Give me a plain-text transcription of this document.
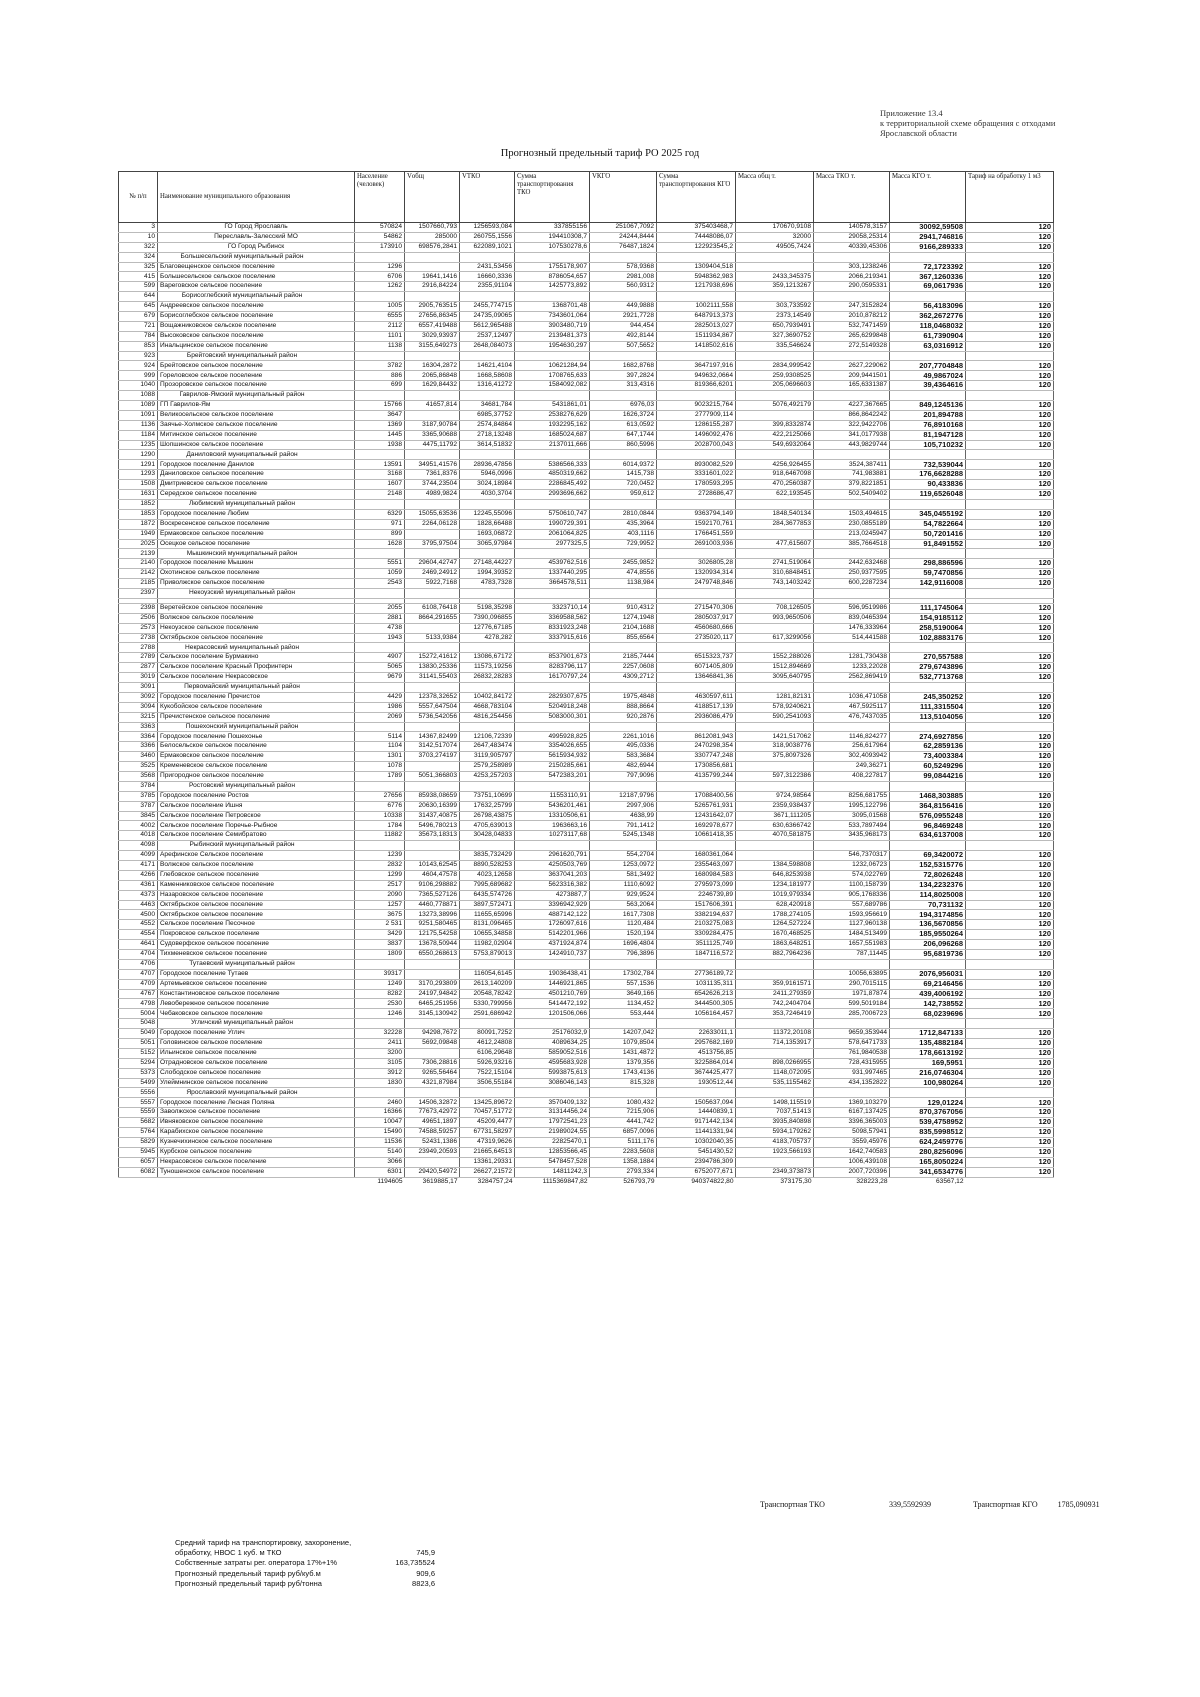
Приложение 13.4
к территориальной схеме обращения с отходами
Ярославской области
Прогнозный предельный тариф РО 2025 год
№ п/п	Наименование муниципального образования	Население (человек)	Vобщ	VТКО	Сумма транспортирования ТКО	VКГО	Сумма транспортирования КГО	Масса общ т.	Масса ТКО т.	Масса КГО т.	Тариф на обработку 1 м3
3	ГО Город Ярославль	570824	1507660,793	1256593,084	337855156	251067,7092	375403468,7	170670,9108	140578,3157	30092,59508	120
10	Переславль-Залесский МО	54862	285000	260755,1556	194410308,7	24244,8444	74448086,07	32000	29058,25314	2941,746816	120
322	ГО Город Рыбинск	173910	698576,2841	622089,1021	107530278,6	76487,1824	122923545,2	49505,7424	40339,45306	9166,289333	120
324	Большесельский муниципальный район										
325	Благовещенское сельское поселение	1296		2431,53456	1755178,907	578,9368	1309404,518		303,1238246	72,1723392	120
415	Большесельское сельское поселение	6706	19641,1416	16660,3336	8786054,657	2981,008	5948362,983	2433,345375	2066,219341	367,1260336	120
599	Вареговское сельское поселение	1262	2916,84224	2355,91104	1425773,892	560,9312	1217938,696	359,1213267	290,0595331	69,0617936	120
644	Борисоглебский муниципальный район										
645	Андреевское сельское поселение	1005	2905,763515	2455,774715	1368701,48	449,9888	1002111,558	303,733592	247,3152824	56,4183096	120
679	Борисоглебское сельское поселение	6555	27656,86345	24735,09065	7343601,064	2921,7728	6487913,373	2373,14549	2010,878212	362,2672776	120
721	Вощажниковское сельское поселение	2112	6557,419488	5612,965488	3903480,719	944,454	2825013,027	650,7939491	532,7471459	118,0468032	120
784	Высоковское сельское поселение	1101	3029,93937	2537,12497	2139481,373	492,8144	1511934,867	327,3690752	265,6299848	61,7390904	120
853	Инальцинское сельское поселение	1138	3155,649273	2648,084073	1954630,297	507,5652	1418502,616	335,546624	272,5149328	63,0316912	120
923	Брейтовский муниципальный район										
924	Брейтовское сельское поселение	3782	16304,2872	14621,4104	10621284,94	1682,8768	3647197,916	2834,999542	2627,229062	207,7704848	120
999	Гореловское сельское поселение	886	2065,86848	1668,58608	1708765,633	397,2824	949632,0664	259,9308525	209,9441501	49,9867024	120
1040	Прозоровское сельское поселение	699	1629,84432	1316,41272	1584092,082	313,4316	819366,6201	205,0696603	165,6331387	39,4364616	120
1088	Гаврилов-Ямский муниципальный район										
1089	ГП Гаврилов-Ям	15766	41657,814	34681,784	5431861,01	6976,03	9023215,764	5076,492179	4227,367665	849,1245136	120
1091	Великосельское сельское поселение	3647		6985,37752	2538276,629	1626,3724	2777909,114		866,8642242	201,894788	120
1136	Заячье-Холмское сельское поселение	1369	3187,90784	2574,84864	1932295,162	613,0592	1286155,287	399,8332874	322,9422706	76,8910168	120
1184	Митинское сельское поселение	1445	3365,90688	2718,13248	1685024,687	647,1744	1496092,476	422,2125066	341,0177938	81,1947128	120
1235	Шопшинское сельское поселение	1938	4475,11792	3614,51832	2137011,666	860,5996	2028700,043	549,6932064	443,9829744	105,710232	120
1290	Даниловский муниципальный район										
1291	Городское поселение Данилов	13591	34951,41576	28936,47856	5386566,333	6014,9372	8930082,529	4256,926455	3524,387411	732,539044	120
1293	Даниловское сельское поселение	3168	7361,8376	5946,0996	4850319,662	1415,738	3331601,022	918,6467098	741,983881	176,6628288	120
1508	Дмитриевское сельское поселение	1607	3744,23504	3024,18984	2286845,492	720,0452	1780593,295	470,2560387	379,8221851	90,433836	120
1631	Середское сельское поселение	2148	4989,9824	4030,3704	2993696,662	959,612	2728686,47	622,193545	502,5409402	119,6526048	120
1852	Любимский муниципальный район										
1853	Городское поселение Любим	6329	15055,63536	12245,55096	5750610,747	2810,0844	9363794,149	1848,540134	1503,494615	345,0455192	120
1872	Воскресенское сельское поселение	971	2264,06128	1828,66488	1990729,391	435,3964	1592170,761	284,3677853	230,0855189	54,7822664	120
1949	Ермаковское сельское поселение	899		1693,06872	2061064,825	403,1116	1766451,559		213,0245947	50,7201416	120
2025	Осецкое сельское поселение	1628	3795,97504	3065,97984	2977325,5	729,9952	2691003,936	477,615607	385,7664518	91,8491552	120
2139	Мышкинский муниципальный район										
2140	Городское поселение Мышкин	5551	29604,42747	27148,44227	4539762,516	2455,9852	3026805,28	2741,519064	2442,632468	298,886596	120
2142	Охотинское сельское поселение	1059	2469,24912	1994,39352	1337440,295	474,8556	1320934,314	310,6848451	250,9377595	59,7470856	120
2185	Приволжское сельское поселение	2543	5922,7168	4783,7328	3664578,511	1138,984	2479748,846	743,1403242	600,2287234	142,9116008	120
2397	Некоузский муниципальный район										

2398	Веретейское сельское поселение	2055	6108,76418	5198,35298	3323710,14	910,4312	2715470,306	708,126505	596,9519986	111,1745064	120
2506	Волжское сельское поселение	2881	8664,291655	7390,096855	3369588,562	1274,1948	2805037,917	993,9650506	839,0465394	154,9185112	120
2573	Некоузское сельское поселение	4738		12776,67185	8331923,248	2104,1688	4560680,666		1476,333964	258,5190064	120
2738	Октябрьское сельское поселение	1943	5133,9384	4278,282	3337915,616	855,6564	2735020,117	617,3299056	514,441588	102,8883176	120
2788	Некрасовский муниципальный район										
2789	Сельское поселение Бурмакино	4907	15272,41612	13086,67172	8537901,673	2185,7444	6515323,737	1552,288026	1281,730438	270,557588	120
2877	Сельское поселение Красный Профинтерн	5065	13830,25336	11573,19256	8283796,117	2257,0608	6071405,809	1512,894669	1233,22028	279,6743896	120
3019	Сельское поселение Некрасовское	9679	31141,55403	26832,28283	16170797,24	4309,2712	13646841,36	3095,640795	2562,869419	532,7713768	120
3091	Первомайский муниципальный район										
3092	Городское поселение Пречистое	4429	12378,32652	10402,84172	2829307,675	1975,4848	4630597,611	1281,82131	1036,471058	245,350252	120
3094	Кукобойское сельское поселение	1986	5557,647504	4668,783104	5204918,248	888,8664	4188517,139	578,9240621	467,5925117	111,3315504	120
3215	Пречистенское сельское поселение	2069	5736,542056	4816,254456	5083000,301	920,2876	2936086,479	590,2541093	476,7437035	113,5104056	120
3363	Пошехонский муниципальный район										
3364	Городское поселение Пошехонье	5114	14367,82499	12106,72339	4995928,825	2261,1016	8612081,943	1421,517062	1146,824277	274,6927856	120
3366	Белосельское сельское поселение	1104	3142,517074	2647,483474	3354026,655	495,0336	2470298,354	318,9038776	256,617964	62,2859136	120
3460	Ермаковское сельское поселение	1301	3703,274197	3119,905797	5615934,932	583,3684	3307747,248	375,8097326	302,4093942	73,4003384	120
3525	Кременевское сельское поселение	1078		2579,258989	2150285,661	482,6944	1730856,681		249,36271	60,5249296	120
3568	Пригородное сельское поселение	1789	5051,366803	4253,257203	5472383,201	797,9096	4135799,244	597,3122386	408,227817	99,0844216	120
3784	Ростовский муниципальный район										
3785	Городское поселение Ростов	27656	85938,08659	73751,10699	11553110,91	12187,9796	17088400,56	9724,98564	8256,681755	1468,303885	120
3787	Сельское поселение Ишня	6776	20630,16399	17632,25799	5436201,461	2997,906	5265761,931	2359,938437	1995,122796	364,8156416	120
3845	Сельское поселение Петровское	10338	31437,40875	26798,43875	13310506,61	4638,99	12431642,07	3671,111205	3095,01568	576,0955248	120
4002	Сельское поселение Поречье-Рыбное	1784	5496,780213	4705,639013	1963663,16	791,1412	1692978,677	630,6366742	533,7897494	96,8469248	120
4018	Сельское поселение Семибратово	11882	35673,18313	30428,04833	10273117,68	5245,1348	10661418,35	4070,581875	3435,968173	634,6137008	120
4098	Рыбинский муниципальный район										
4099	Арефинское Сельское поселение	1239		3835,732429	2961620,791	554,2704	1680361,064		546,7370317	69,3420072	120
4171	Волжское сельское поселение	2832	10143,62545	8890,528253	4250503,769	1253,0972	2355463,097	1384,598808	1232,06723	152,5315776	120
4266	Глебовское сельское поселение	1299	4604,47578	4023,12658	3637041,203	581,3492	1680984,583	646,8253938	574,022769	72,8026248	120
4361	Каменниковское сельское поселение	2517	9106,298882	7995,689682	5623316,382	1110,6092	2795973,099	1234,181977	1100,158739	134,2232376	120
4373	Назаровское сельское поселение	2090	7365,527126	6435,574726	4273887,7	929,9524	2246739,89	1019,979334	905,1768336	114,8025008	120
4463	Октябрьское сельское поселение	1257	4460,778871	3897,572471	3396942,929	563,2064	1517606,391	628,420918	557,689786	70,731132	120
4500	Октябрьское сельское поселение	3675	13273,38996	11655,65996	4887142,122	1617,7308	3382194,637	1788,274105	1593,956619	194,3174856	120
4552	Сельское поселение Песочное	2 531	9251,580465	8131,096465	1726097,616	1120,484	2103275,083	1264,527224	1127,960138	136,5670856	120
4554	Покровское сельское поселение	3429	12175,54258	10655,34858	5142201,966	1520,194	3309284,475	1670,468525	1484,513499	185,9550264	120
4641	Судоверфское сельское поселение	3837	13678,50944	11982,02904	4371924,874	1696,4804	3511125,749	1863,648251	1657,551983	206,096268	120
4704	Тихменевское сельское поселение	1809	6550,268613	5753,879013	1424910,737	796,3896	1847116,572	882,7964236	787,11445	95,6819736	120
4706	Тутаевский муниципальный район										
4707	Городское поселение Тутаев	39317		116054,6145	19036438,41	17302,784	27736189,72		10056,63895	2076,956031	120
4709	Артемьевское сельское поселение	1249	3170,293809	2613,140209	1446921,865	557,1536	1031135,311	359,9161571	290,7015115	69,2146456	120
4767	Константиновское сельское поселение	8282	24197,94842	20548,78242	4501210,769	3649,166	6542626,213	2411,279359	1971,87874	439,4006192	120
4798	Левобережное сельское поселение	2530	6465,251956	5330,799956	5414472,192	1134,452	3444500,305	742,2404704	599,5019184	142,738552	120
5004	Чебаковское сельское поселение	1246	3145,130942	2591,686942	1201506,066	553,444	1056164,457	353,7246419	285,7006723	68,0239696	120
5048	Угличский муниципальный район										
5049	Городское поселение Углич	32228	94298,7672	80091,7252	25176032,9	14207,042	22633011,1	11372,20108	9659,353944	1712,847133	120
5051	Головинское сельское поселение	2411	5692,09848	4612,24808	4089634,25	1079,8504	2957682,169	714,1353917	578,6471733	135,4882184	120
5152	Ильинское сельское поселение	3200		6106,29648	5859052,516	1431,4872	4513756,85		761,9840538	178,6613192	120
5294	Отрадновское сельское поселение	3105	7306,28816	5926,93216	4595683,928	1379,356	3225864,014	898,0266955	728,4315955	169,5951	120
5373	Слободское сельское поселение	3912	9265,56464	7522,15104	5993875,613	1743,4136	3674425,477	1148,072095	931,997465	216,0746304	120
5499	Улеймнинское сельское поселение	1830	4321,87984	3506,55184	3086046,143	815,328	1930512,44	535,1155462	434,1352822	100,980264	120
5556	Ярославский муниципальный район										
5557	Городское поселение Лесная Поляна	2460	14506,32872	13425,89672	3570409,132	1080,432	1505637,094	1498,115519	1369,103279	129,01224	120
5559	Заволжское сельское поселение	16366	77673,42972	70457,51772	31314456,24	7215,906	14440839,1	7037,51413	6167,137425	870,3767056	120
5682	Ивняковское сельское поселение	10047	49651,1897	45209,4477	17972541,23	4441,742	9171442,134	3935,840898	3396,365003	539,4758952	120
5764	Карабихское сельское поселение	15490	74588,59257	67731,58297	21989024,55	6857,0096	11441331,94	5934,179262	5098,57941	835,5998512	120
5829	Кузнечихинское сельское поселение	11536	52431,1386	47319,9626	22825470,1	5111,176	10302040,35	4183,705737	3559,45976	624,2459776	120
5945	Курбское сельское поселение	5140	23949,20593	21665,64513	12853566,45	2283,5608	5451430,52	1923,566193	1642,740583	280,8256096	120
6057	Некрасовское сельское поселение	3066		13361,29331	5478457,528	1358,1884	2394786,309		1006,439108	165,8050224	120
6082	Туношенское сельское поселение	6301	29420,54972	26627,21572	14811242,3	2793,334	6752077,671	2349,373873	2007,720396	341,6534776	120
		1194605	3619885,17	3284757,24	1115369847,82	526793,79	940374822,80	373175,30	328223,28	63567,12	
Транспортная ТКО	339,5592939	Транспортная КГО	1785,090931
Средний тариф на транспортировку, захоронение, обработку, НВОС 1 куб. м ТКО	745,9
Собственные затраты рег. оператора 17%+1%	163,735524
Прогнозный предельный тариф руб/куб.м	909,6
Прогнозный предельный тариф руб/тонна	8823,6
